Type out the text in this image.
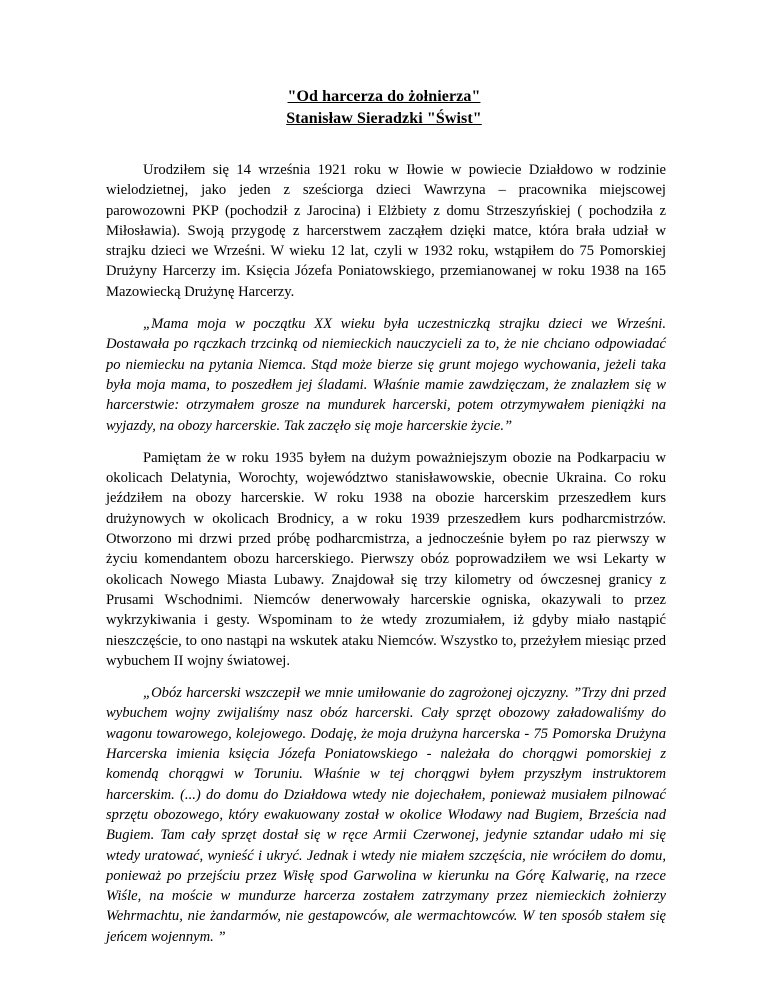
"Od harcerza do żołnierza"
Stanisław Sieradzki "Świst"

Urodziłem się 14 września 1921 roku w Iłowie w powiecie Działdowo w rodzinie wielodzietnej, jako jeden z sześciorga dzieci Wawrzyna – pracownika miejscowej parowozowni PKP (pochodził z Jarocina) i Elżbiety z domu Strzeszyńskiej ( pochodziła z Miłosławia). Swoją przygodę z harcerstwem zacząłem dzięki matce, która brała udział w strajku dzieci we Wrześni. W wieku 12 lat, czyli w 1932 roku, wstąpiłem do 75 Pomorskiej Drużyny Harcerzy im. Księcia Józefa Poniatowskiego, przemianowanej w roku 1938 na 165 Mazowiecką Drużynę Harcerzy.

„Mama moja w początku XX wieku była uczestniczką strajku dzieci we Wrześni. Dostawała po rączkach trzcinką od niemieckich nauczycieli za to, że nie chciano odpowiadać po niemiecku na pytania Niemca. Stąd może bierze się grunt mojego wychowania, jeżeli taka była moja mama, to poszedłem jej śladami. Właśnie mamie zawdzięczam, że znalazłem się w harcerstwie: otrzymałem grosze na mundurek harcerski, potem otrzymywałem pieniążki na wyjazdy, na obozy harcerskie. Tak zaczęło się moje harcerskie życie.”

Pamiętam że w roku 1935 byłem na dużym poważniejszym obozie na Podkarpaciu w okolicach Delatynia, Worochty, województwo stanisławowskie, obecnie Ukraina. Co roku jeździłem na obozy harcerskie. W roku 1938 na obozie harcerskim przeszedłem kurs drużynowych w okolicach Brodnicy, a w roku 1939 przeszedłem kurs podharcmistrzów. Otworzono mi drzwi przed próbę podharcmistrza, a jednocześnie byłem po raz pierwszy w życiu komendantem obozu harcerskiego. Pierwszy obóz poprowadziłem we wsi Lekarty w okolicach Nowego Miasta Lubawy. Znajdował się trzy kilometry od ówczesnej granicy z Prusami Wschodnimi. Niemców denerwowały harcerskie ogniska, okazywali to przez wykrzykiwania i gesty. Wspominam to że wtedy zrozumiałem, iż gdyby miało nastąpić nieszczęście, to ono nastąpi na wskutek ataku Niemców. Wszystko to, przeżyłem miesiąc przed wybuchem II wojny światowej.

„Obóz harcerski wszczepił we mnie umiłowanie do zagrożonej ojczyzny. ”Trzy dni przed wybuchem wojny zwijaliśmy nasz obóz harcerski. Cały sprzęt obozowy załadowaliśmy do wagonu towarowego, kolejowego. Dodaję, że moja drużyna harcerska - 75 Pomorska Drużyna Harcerska imienia księcia Józefa Poniatowskiego - należała do chorągwi pomorskiej z komendą chorągwi w Toruniu. Właśnie w tej chorągwi byłem przyszłym instruktorem harcerskim. (...) do domu do Działdowa wtedy nie dojechałem, ponieważ musiałem pilnować sprzętu obozowego, który ewakuowany został w okolice Włodawy nad Bugiem, Brześcia nad Bugiem. Tam cały sprzęt dostał się w ręce Armii Czerwonej, jedynie sztandar udało mi się wtedy uratować, wynieść i ukryć. Jednak i wtedy nie miałem szczęścia, nie wróciłem do domu, ponieważ po przejściu przez Wisłę spod Garwolina w kierunku na Górę Kalwarię, na rzece Wiśle, na moście w mundurze harcerza zostałem zatrzymany przez niemieckich żołnierzy Wehrmachtu, nie żandarmów, nie gestapowców, ale wermachtowców. W ten sposób stałem się jeńcem wojennym. ”
